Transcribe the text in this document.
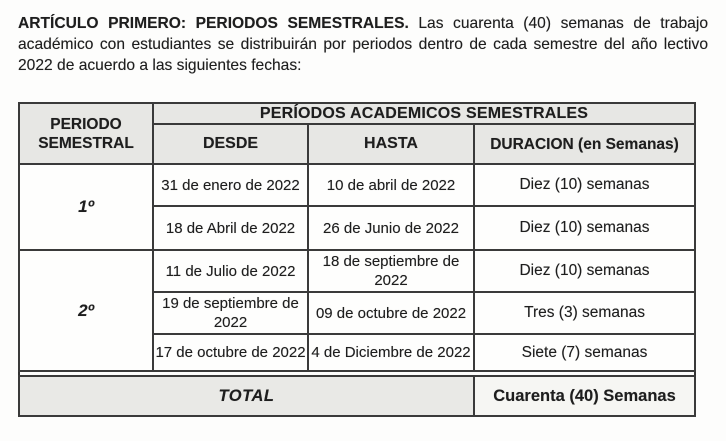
ARTÍCULO PRIMERO: PERIODOS SEMESTRALES. Las cuarenta (40) semanas de trabajo académico con estudiantes se distribuirán por periodos dentro de cada semestre del año lectivo 2022 de acuerdo a las siguientes fechas:

PERIODO SEMESTRAL	PERÍODOS ACADEMICOS SEMESTRALES		
	DESDE	HASTA	DURACION (en Semanas)
1º	31 de enero de 2022	10 de abril de 2022	Diez (10) semanas
	18 de Abril de 2022	26 de Junio de 2022	Diez (10) semanas
2º	11 de Julio de 2022	18 de septiembre de 2022	Diez (10) semanas
	19 de septiembre de 2022	09 de octubre de 2022	Tres (3) semanas
	17 de octubre de 2022	4 de Diciembre de 2022	Siete (7) semanas

TOTAL			Cuarenta (40) Semanas
